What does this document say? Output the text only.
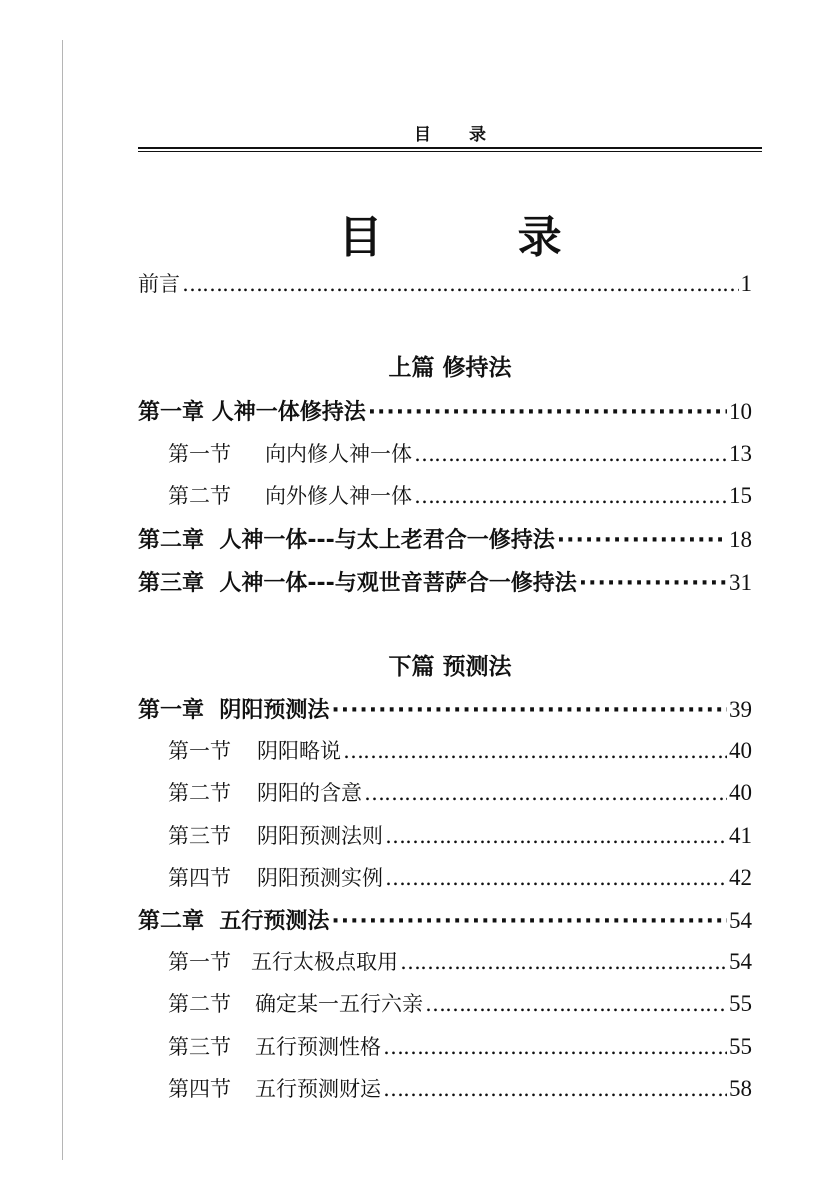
目 录
目 录
前言 …………………………………………………………………………………………………………………………………………………………	1
上篇 修持法
第一章 人神一体修持法 ·····	10
第一节 向内修人神一体 …………………………………………………………………………………………………………………………………………………………	13
第二节 向外修人神一体 …………………………………………………………………………………………………………………………………………………………	15
第二章 人神一体---与太上老君合一修持法 ·····	18
第三章 人神一体---与观世音菩萨合一修持法 ·····	31
下篇 预测法
第一章 阴阳预测法 ·····	39
第一节 阴阳略说 …………………………………………………………………………………………………………………………………………………………	40
第二节 阴阳的含意 …………………………………………………………………………………………………………………………………………………………	40
第三节 阴阳预测法则 …………………………………………………………………………………………………………………………………………………………	41
第四节 阴阳预测实例 …………………………………………………………………………………………………………………………………………………………	42
第二章 五行预测法 ·····	54
第一节 五行太极点取用 …………………………………………………………………………………………………………………………………………………………	54
第二节 确定某一五行六亲 …………………………………………………………………………………………………………………………………………………………	55
第三节 五行预测性格 …………………………………………………………………………………………………………………………………………………………	55
第四节 五行预测财运 …………………………………………………………………………………………………………………………………………………………	58
